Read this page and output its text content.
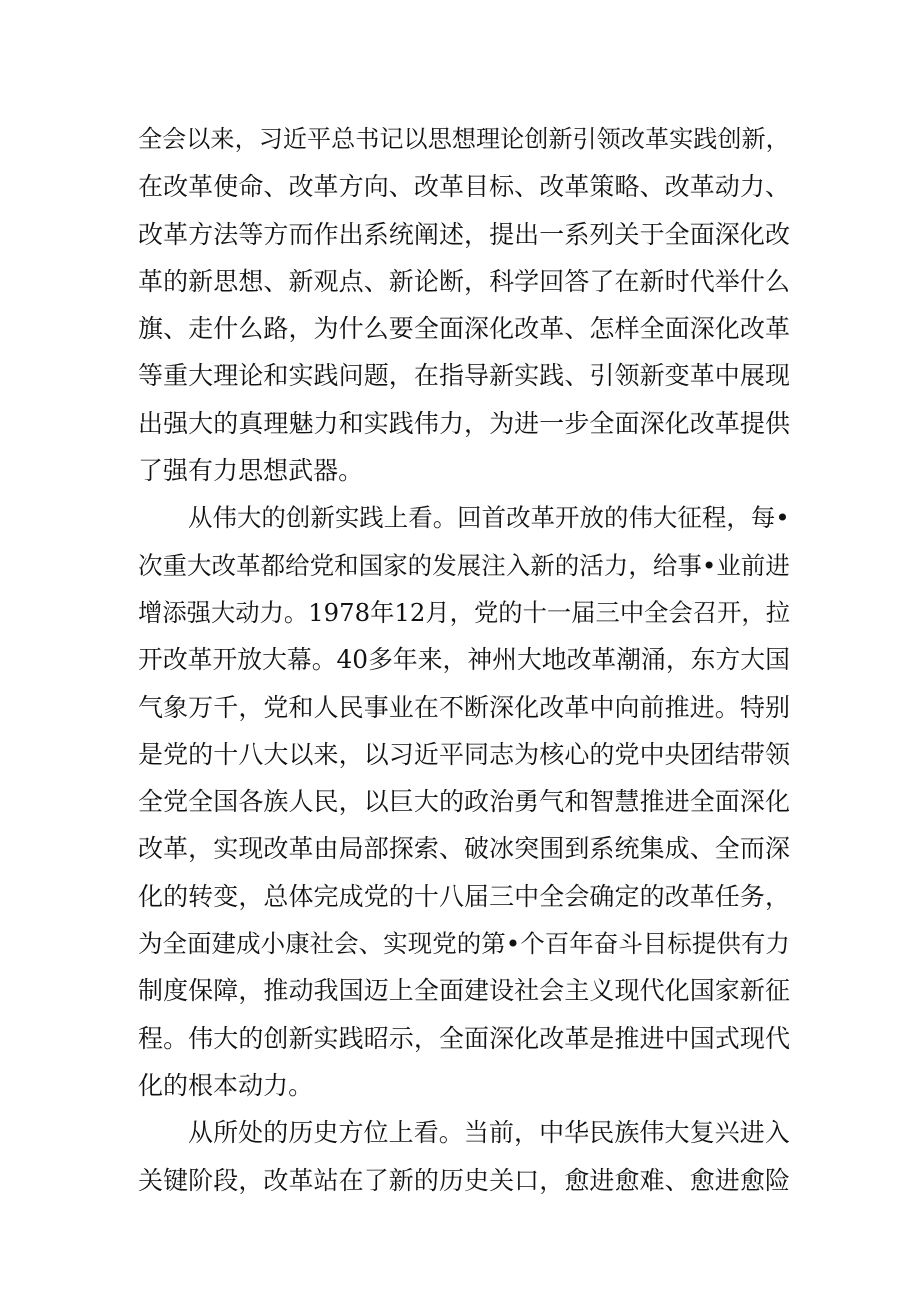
全 会 以 来 ， 习 近 平 总 书 记 以 思 想 理 论 创 新 引 领 改 革 实 践 创 新 ，
在 改 革 使 命 、 改 革 方 向 、 改 革 目 标 、 改 革 策 略 、 改 革 动 力 、
改 革 方 法 等 方 而 作 出 系 统 阐 述 ， 提 出 一 系 列 关 于 全 面 深 化 改
革 的 新 思 想 、 新 观 点 、 新 论 断 ， 科 学 回 答 了 在 新 时 代 举 什 么
旗 、 走 什 么 路 ， 为 什 么 要 全 面 深 化 改 革 、 怎 样 全 面 深 化 改 革
等 重 大 理 论 和 实 践 问 题 ， 在 指 导 新 实 践 、 引 领 新 变 革 中 展 现
出 强 大 的 真 理 魅 力 和 实 践 伟 力 ， 为 进 一 步 全 面 深 化 改 革 提 供
了 强 有 力 思 想 武 器 。
从 伟 大 的 创 新 实 践 上 看 。 回 首 改 革 开 放 的 伟 大 征 程 ， 每 •
次 重 大 改 革 都 给 党 和 国 家 的 发 展 注 入 新 的 活 力 ， 给 事 • 业 前 进
增 添 强 大 动 力 。 1 9 7 8 年 1 2 月 ， 党 的 十 一 届 三 中 全 会 召 开 ， 拉
开 改 革 开 放 大 幕 。 4 0 多 年 来 ， 神 州 大 地 改 革 潮 涌 ， 东 方 大 国
气 象 万 千 ， 党 和 人 民 事 业 在 不 断 深 化 改 革 中 向 前 推 进 。 特 别
是 党 的 十 八 大 以 来 ， 以 习 近 平 同 志 为 核 心 的 党 中 央 团 结 带 领
全 党 全 国 各 族 人 民 ， 以 巨 大 的 政 治 勇 气 和 智 慧 推 进 全 面 深 化
改 革 ， 实 现 改 革 由 局 部 探 索 、 破 冰 突 围 到 系 统 集 成 、 全 而 深
化 的 转 变 ， 总 体 完 成 党 的 十 八 届 三 中 全 会 确 定 的 改 革 任 务 ，
为 全 面 建 成 小 康 社 会 、 实 现 党 的 第 • 个 百 年 奋 斗 目 标 提 供 有 力
制 度 保 障 ， 推 动 我 国 迈 上 全 面 建 设 社 会 主 义 现 代 化 国 家 新 征
程 。 伟 大 的 创 新 实 践 昭 示 ， 全 面 深 化 改 革 是 推 进 中 国 式 现 代
化 的 根 本 动 力 。
从 所 处 的 历 史 方 位 上 看 。 当 前 ， 中 华 民 族 伟 大 复 兴 进 入
关 键 阶 段 ， 改 革 站 在 了 新 的 历 史 关 口 ， 愈 进 愈 难 、 愈 进 愈 险
